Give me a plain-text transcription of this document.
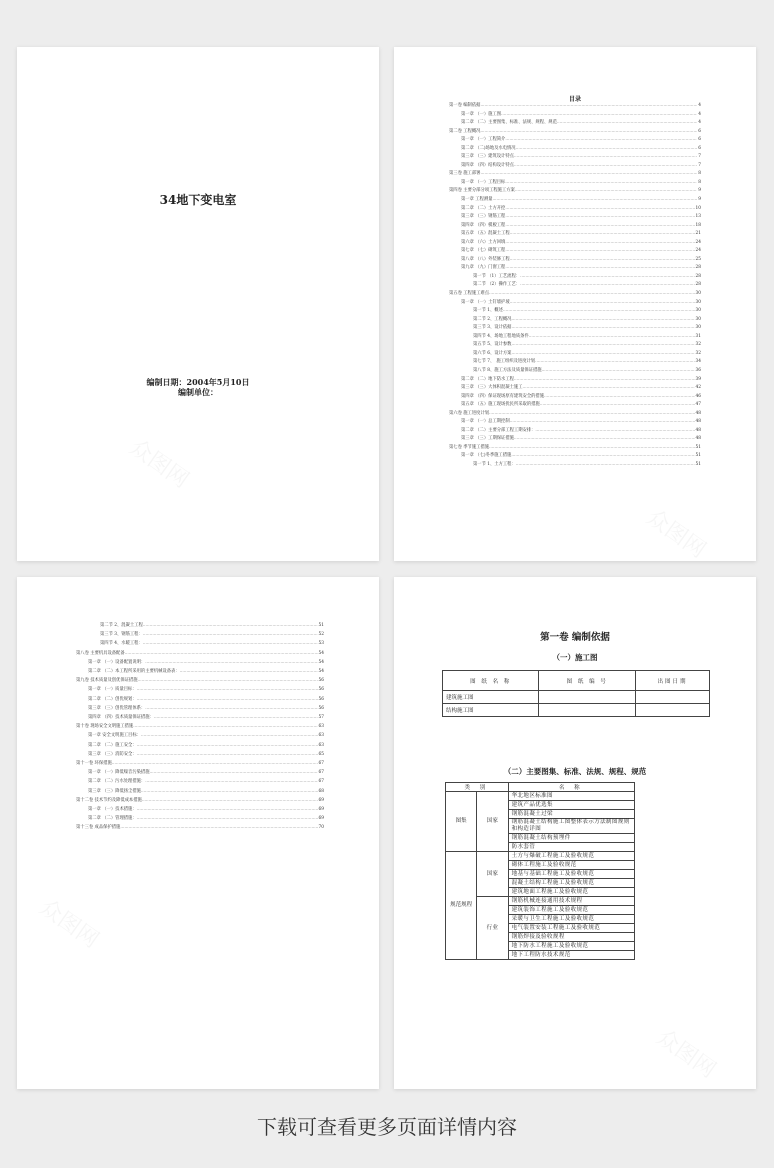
34地下变电室
编制日期：2004年5月10日
编制单位：
目录
第一卷 编制依据 .....	4
第一章 （一）施工图 .....	4
第二章 （二）主要图集、标准、法规、规程、规范 .....	4
第二卷 工程概况 .....	6
第一章 （一）工程简介 .....	6
第二章 （二)场地及水电情况 .....	6
第三章 （三）建筑设计特点 .....	7
第四章 （四）结构设计特点 .....	7
第三卷 施工部署 .....	8
第一章 （一）工程目标 .....	8
第四卷 主要分部分项工程施工方案 .....	9
第一章 工程测量 .....	9
第二章 （二）土方开挖 .....	10
第三章 （三）钢筋工程 .....	13
第四章 （四）模板工程 .....	18
第五章 （五）混凝土工程 .....	21
第六章 （六）土方回填 .....	24
第七章 （七）砌筑工程 .....	24
第八章 （八）外装修工程 .....	25
第九章 （九）门窗工程 .....	28
第一节 （1）工艺流程： .....	28
第二节 （2）操作工艺： .....	28
第五卷 工程施工难点 .....	30
第一章 （一）土钉墙护坡 .....	30
第一节 1、概述 .....	30
第二节 2、工程概况 .....	30
第三节 3、设计依据 .....	30
第四节 4、场地工程地质条件 .....	31
第五节 5、设计参数 .....	32
第六节 6、设计方案 .....	32
第七节 7、　施工组织及进度计划 .....	34
第八节 8、施工方法及质量保证措施 .....	36
第二章 （二）地下防水工程 .....	39
第三章 （三）大体积混凝土施工 .....	42
第四章 （四）保证现场原有建筑安全的措施 .....	46
第五章 （五）施工现场扰民所采取的措施 .....	47
第六卷 施工进度计划 .....	48
第一章 （一）总工期控制 .....	48
第二章 （二）主要分部工程工期安排： .....	48
第三章 （三）工期保证措施 .....	48
第七卷 季节施工措施 .....	51
第一章 （七)冬季施工措施 .....	51
第一节 1、土方工程： .....	51
第二节 2、混凝土工程 .....	51
第三节 3、钢筋工程： .....	52
第四节 4、水暖工程： .....	53
第八卷 主要机具设备配备 .....	54
第一章 （一）设备配置说明： .....	54
第二章 （二）本工程所采用的主要机械设备表： .....	54
第九卷 技术质量及创优保证措施 .....	56
第一章 （一）质量目标： .....	56
第二章 （二）创优规划： .....	56
第三章 （三）创优管理体系： .....	56
第四章 （四）技术质量保证措施： .....	57
第十卷 现场安全文明施工措施 .....	63
第一章 安全文明施工目标： .....	63
第二章 （二）施工安全： .....	63
第三章 （三）消防安全： .....	65
第十一卷 环保措施 .....	67
第一章 （一）降低噪音污染措施 .....	67
第二章 （二）污水处理措施： .....	67
第三章 （三）降低扬尘措施 .....	68
第十二卷 技术节约及降低成本措施 .....	69
第一章 （一）技术措施： .....	69
第二章 （二）管理措施： .....	69
第十三卷 成品保护措施 .....	70
第一卷 编制依据
（一）施工图
图 纸 名 称	图 纸 编 号	出图日期
建筑施工图		
结构施工图		
（二）主要图集、标准、法规、规程、规范
类 别		名 称
图集	国家	华北地区标准图
		建筑产品优选集
		钢筋混凝土过梁
		钢筋混凝土结构施工图整体表示方法制图规则和构造详图
		钢筋混凝土结构预埋件
		防水套管
规范规程	国家	土方与爆破工程施工及验收规范
		砌体工程施工及验收规范
		地基与基础工程施工及验收规范
		混凝土结构工程施工及验收规范
		建筑地面工程施工及验收规范
	行业	钢筋机械连接通用技术规程
		建筑装饰工程施工及验收规范
		采暖与卫生工程施工及验收规范
		电气装置安装工程施工及验收规范
		钢筋焊接及验收规程
		地下防水工程施工及验收规范
		地下工程防水技术规范
下载可查看更多页面详情内容
